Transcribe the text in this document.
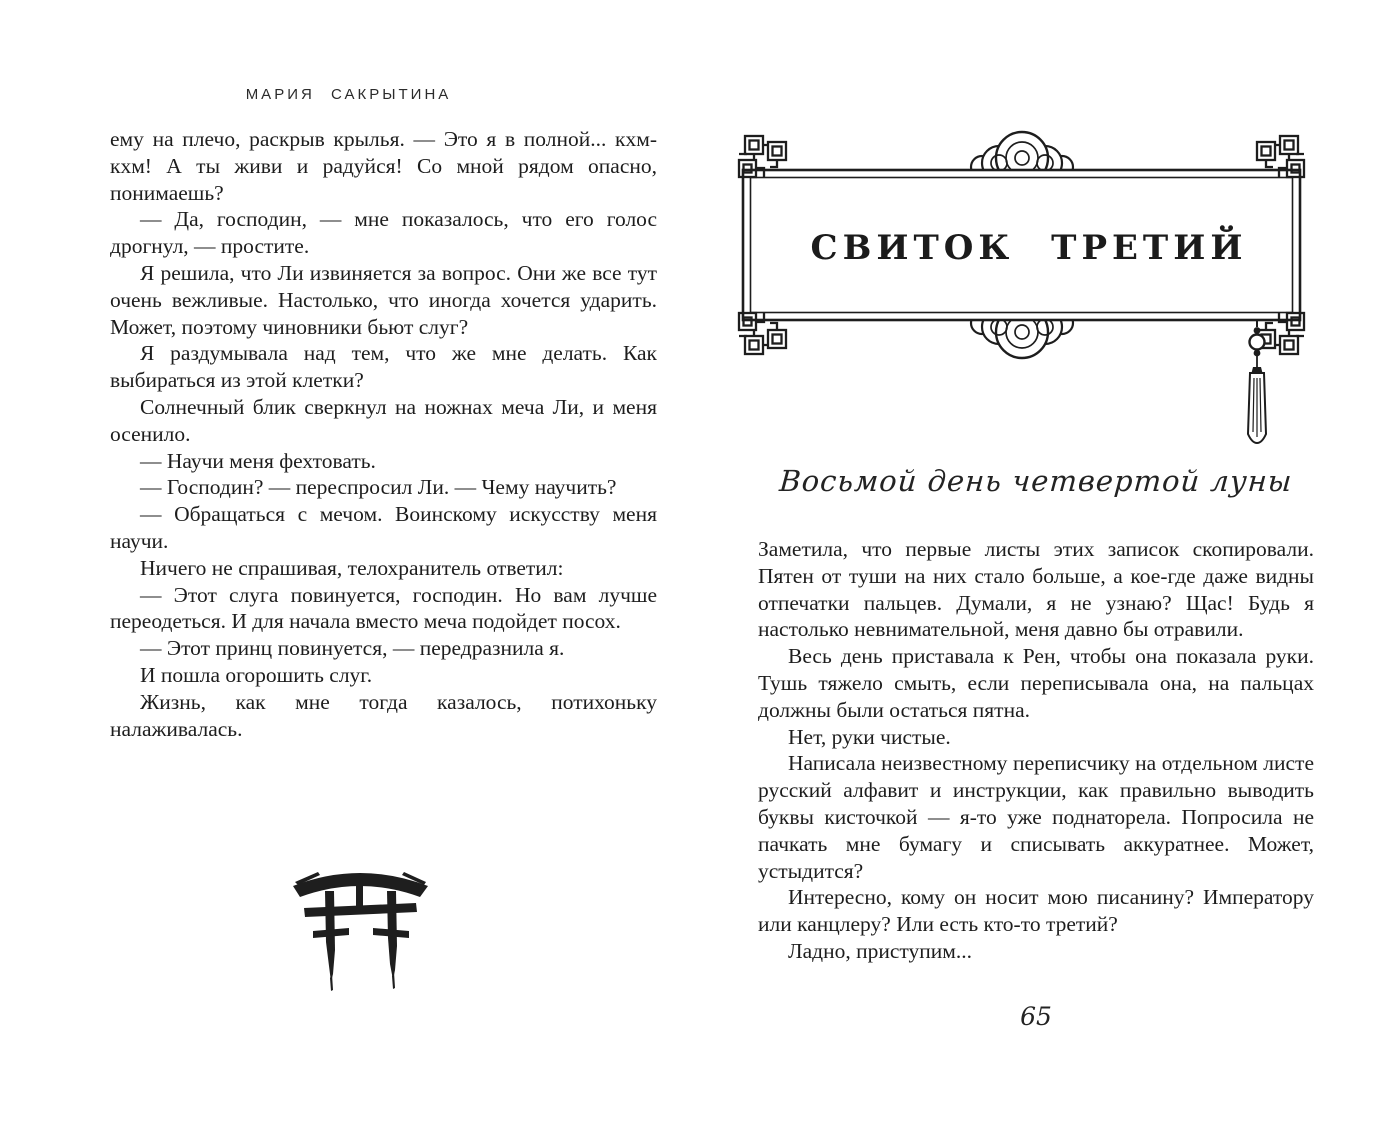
МАРИЯ САКРЫТИНА

ему на плечо, раскрыв крылья. — Это я в полной... кхм-кхм! А ты живи и радуйся! Со мной рядом опасно, понимаешь?

— Да, господин, — мне показалось, что его голос дрогнул, — простите.

Я решила, что Ли извиняется за вопрос. Они же все тут очень вежливые. Настолько, что иногда хочется ударить. Может, поэтому чиновники бьют слуг?

Я раздумывала над тем, что же мне делать. Как выбираться из этой клетки?

Солнечный блик сверкнул на ножнах меча Ли, и меня осенило.

— Научи меня фехтовать.

— Господин? — переспросил Ли. — Чему научить?

— Обращаться с мечом. Воинскому искусству меня научи.

Ничего не спрашивая, телохранитель ответил:

— Этот слуга повинуется, господин. Но вам лучше переодеться. И для начала вместо меча подойдет посох.

— Этот принц повинуется, — передразнила я.

И пошла огорошить слуг.

Жизнь, как мне тогда казалось, потихоньку налаживалась.

СВИТОК ТРЕТИЙ
Восьмой день четвертой луны

Заметила, что первые листы этих записок скопировали. Пятен от туши на них стало больше, а кое-где даже видны отпечатки пальцев. Думали, я не узнаю? Щас! Будь я настолько невнимательной, меня давно бы отравили.

Весь день приставала к Рен, чтобы она показала руки. Тушь тяжело смыть, если переписывала она, на пальцах должны были остаться пятна.

Нет, руки чистые.

Написала неизвестному переписчику на отдельном листе русский алфавит и инструкции, как правильно выводить буквы кисточкой — я-то уже поднаторела. Попросила не пачкать мне бумагу и списывать аккуратнее. Может, устыдится?

Интересно, кому он носит мою писанину? Императору или канцлеру? Или есть кто-то третий?

Ладно, приступим...

65
